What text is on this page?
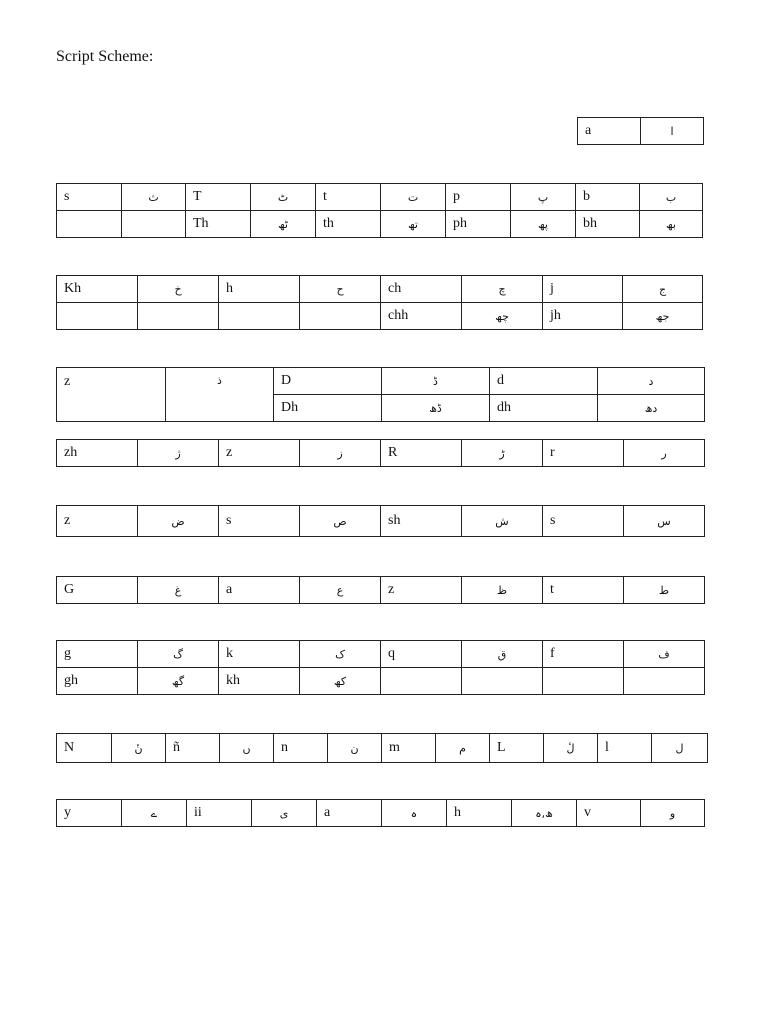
Script Scheme:
a	ا
s	ث	T	ٹ	t	ت	p	پ	b	ب
		Th	ٹھ	th	تھ	ph	پھ	bh	بھ
Kh	خ	h	ح	ch	چ	j	ج
				chh	چھ	jh	جھ
z	ذ	D	ڈ	d	د
		Dh	ڈھ	dh	دھ
zh	ژ	z	ز	R	ڑ	r	ر
z	ض	s	ص	sh	ش	s	س
G	غ	a	ع	z	ظ	t	ط
g	گ	k	ک	q	ق	f	ف
gh	گھ	kh	کھ				
N	نٔ	ñ	ں	n	ن	m	م	L	لٔ	l	ل
y	ے	ii	ی	a	ہ	h	ھ,ہ	v	و
